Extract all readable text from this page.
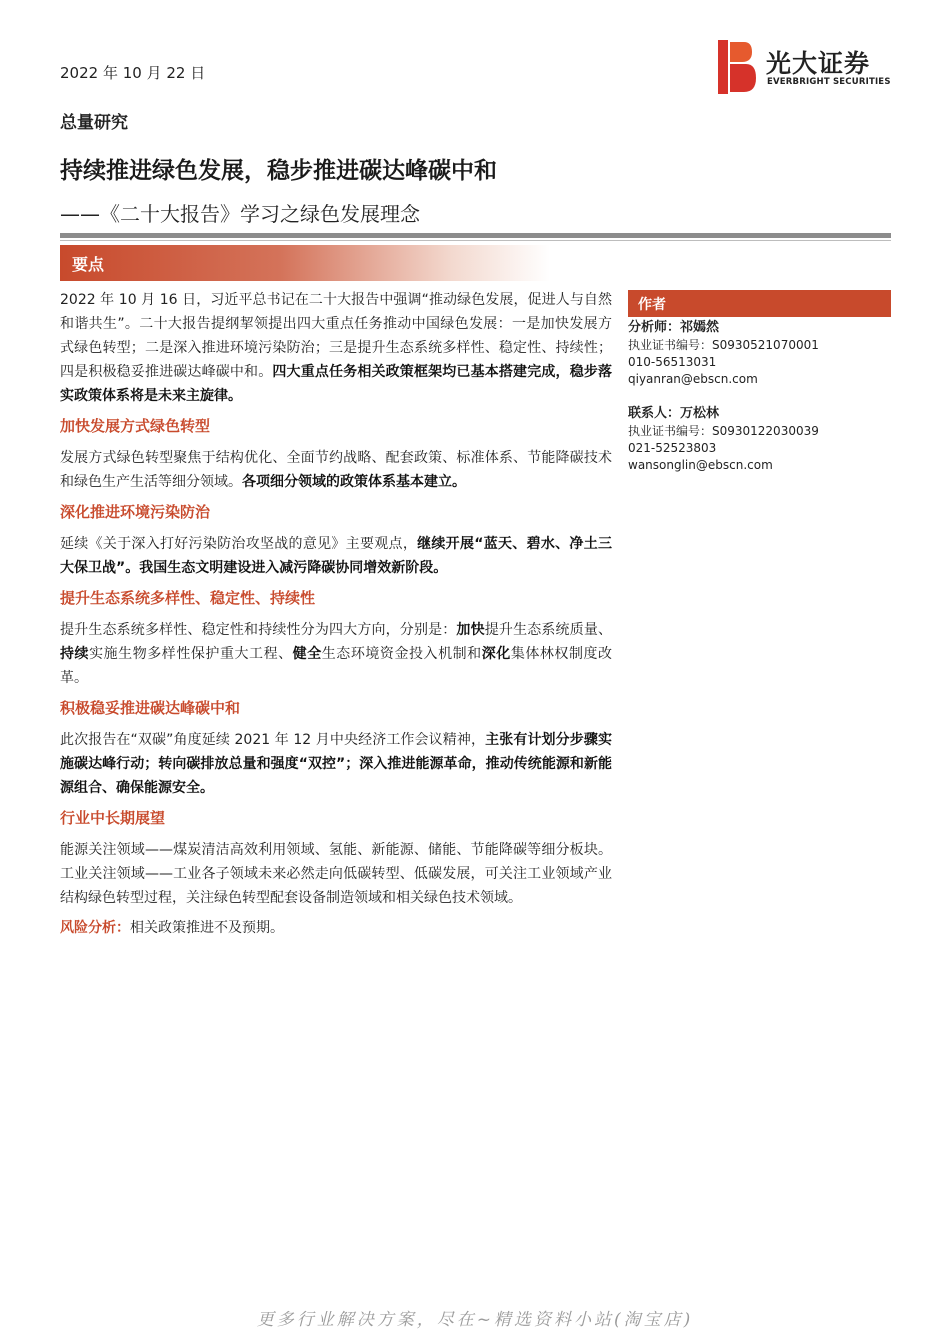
2022 年 10 月 22 日	光大证券
EVERBRIGHT SECURITIES
总量研究
持续推进绿色发展，稳步推进碳达峰碳中和
——《二十大报告》学习之绿色发展理念
要点

2022 年 10 月 16 日，习近平总书记在二十大报告中强调“推动绿色发展，促进人与自然和谐共生”。二十大报告提纲挈领提出四大重点任务推动中国绿色发展：一是加快发展方式绿色转型；二是深入推进环境污染防治；三是提升生态系统多样性、稳定性、持续性；四是积极稳妥推进碳达峰碳中和。四大重点任务相关政策框架均已基本搭建完成，稳步落实政策体系将是未来主旋律。

加快发展方式绿色转型

发展方式绿色转型聚焦于结构优化、全面节约战略、配套政策、标准体系、节能降碳技术和绿色生产生活等细分领域。各项细分领域的政策体系基本建立。

深化推进环境污染防治

延续《关于深入打好污染防治攻坚战的意见》主要观点，继续开展“蓝天、碧水、净土三大保卫战”。我国生态文明建设进入减污降碳协同增效新阶段。

提升生态系统多样性、稳定性、持续性

提升生态系统多样性、稳定性和持续性分为四大方向，分别是：加快提升生态系统质量、持续实施生物多样性保护重大工程、健全生态环境资金投入机制和深化集体林权制度改革。

积极稳妥推进碳达峰碳中和

此次报告在“双碳”角度延续 2021 年 12 月中央经济工作会议精神，主张有计划分步骤实施碳达峰行动；转向碳排放总量和强度“双控”；深入推进能源革命，推动传统能源和新能源组合、确保能源安全。

行业中长期展望

能源关注领域——煤炭清洁高效利用领域、氢能、新能源、储能、节能降碳等细分板块。工业关注领域——工业各子领域未来必然走向低碳转型、低碳发展，可关注工业领域产业结构绿色转型过程，关注绿色转型配套设备制造领域和相关绿色技术领域。

风险分析：相关政策推进不及预期。

作者
分析师：祁嫣然
执业证书编号：S0930521070001
010-56513031
qiyanran@ebscn.com
联系人：万松林
执业证书编号：S0930122030039
021-52523803
wansonglin@ebscn.com
更多行业解决方案，尽在~精选资料小站(淘宝店)
